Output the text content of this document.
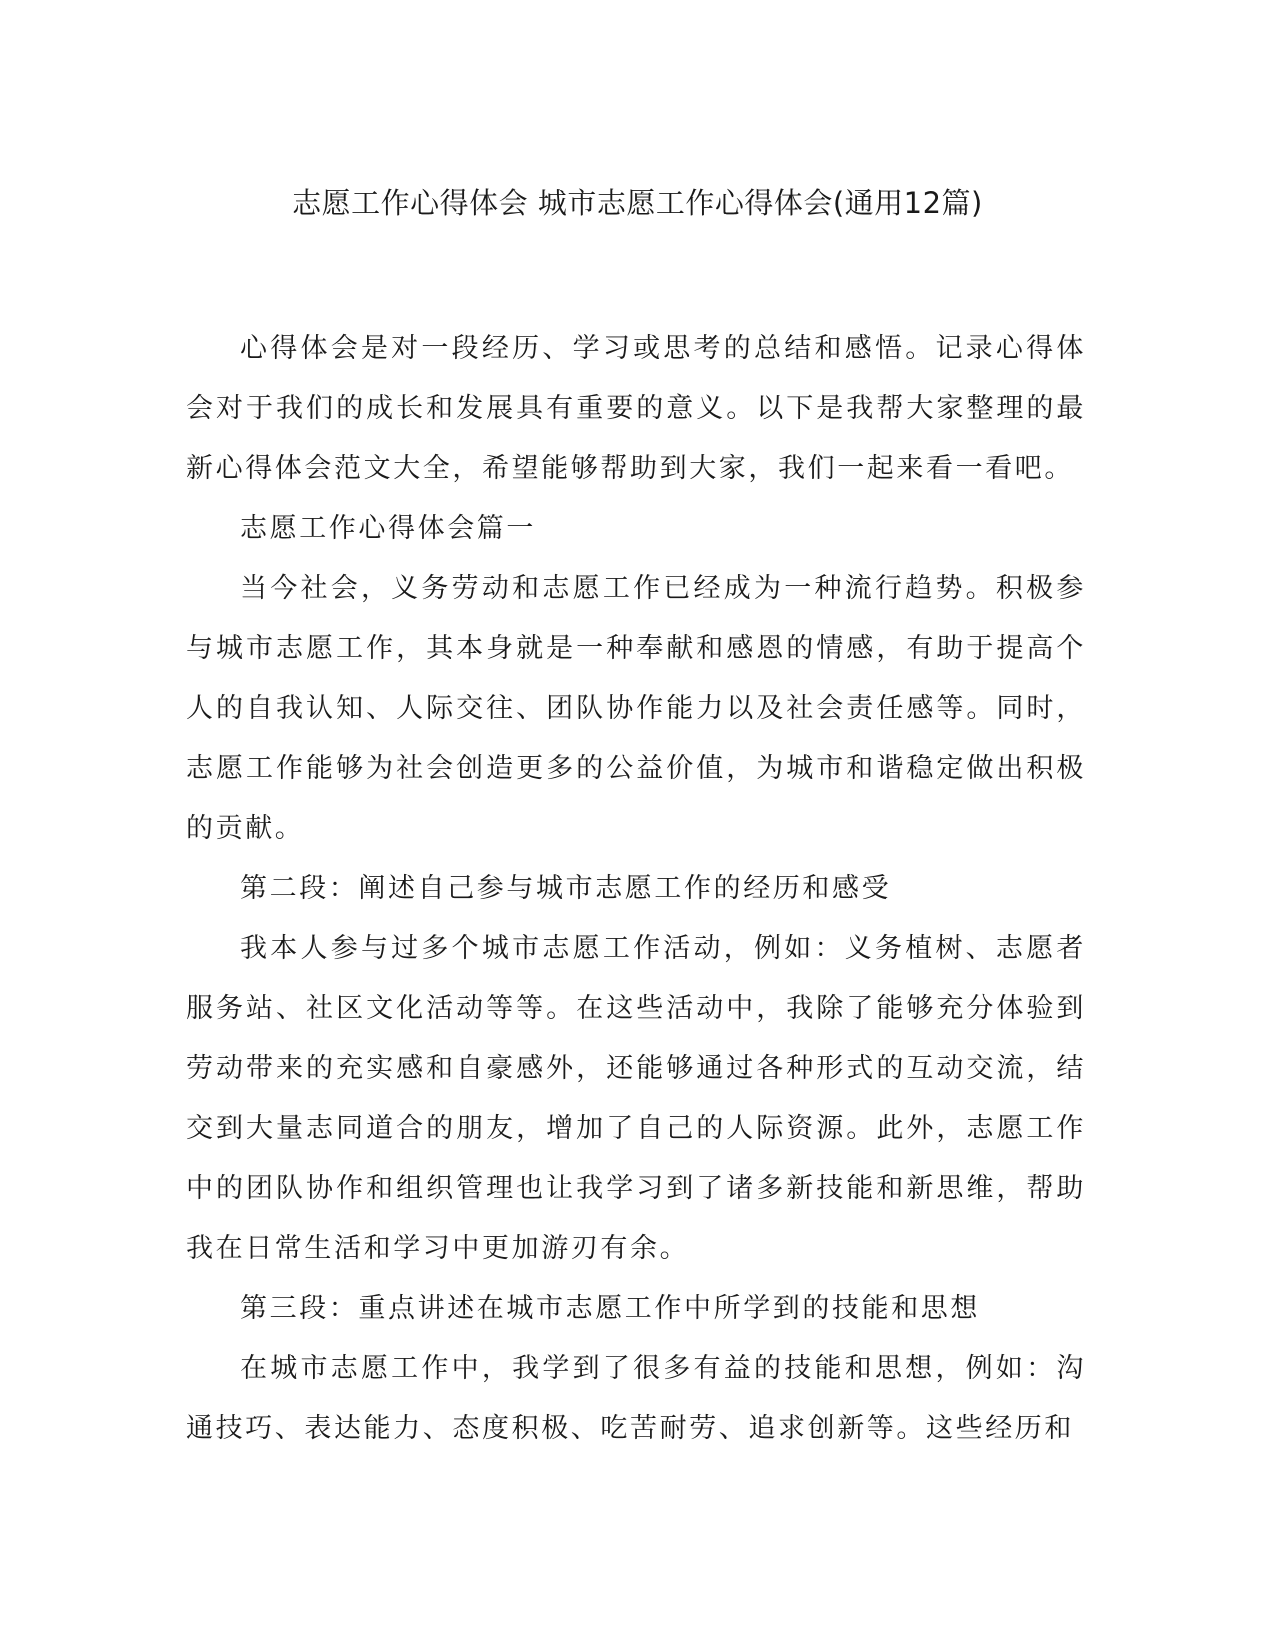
志愿工作心得体会 城市志愿工作心得体会(通用12篇)

心得体会是对一段经历、学习或思考的总结和感悟。记录心得体会对于我们的成长和发展具有重要的意义。以下是我帮大家整理的最新心得体会范文大全，希望能够帮助到大家，我们一起来看一看吧。

志愿工作心得体会篇一

当今社会，义务劳动和志愿工作已经成为一种流行趋势。积极参与城市志愿工作，其本身就是一种奉献和感恩的情感，有助于提高个人的自我认知、人际交往、团队协作能力以及社会责任感等。同时，志愿工作能够为社会创造更多的公益价值，为城市和谐稳定做出积极的贡献。

第二段：阐述自己参与城市志愿工作的经历和感受

我本人参与过多个城市志愿工作活动，例如：义务植树、志愿者服务站、社区文化活动等等。在这些活动中，我除了能够充分体验到劳动带来的充实感和自豪感外，还能够通过各种形式的互动交流，结交到大量志同道合的朋友，增加了自己的人际资源。此外，志愿工作中的团队协作和组织管理也让我学习到了诸多新技能和新思维，帮助我在日常生活和学习中更加游刃有余。

第三段：重点讲述在城市志愿工作中所学到的技能和思想

在城市志愿工作中，我学到了很多有益的技能和思想，例如：沟通技巧、表达能力、态度积极、吃苦耐劳、追求创新等。这些经历和
